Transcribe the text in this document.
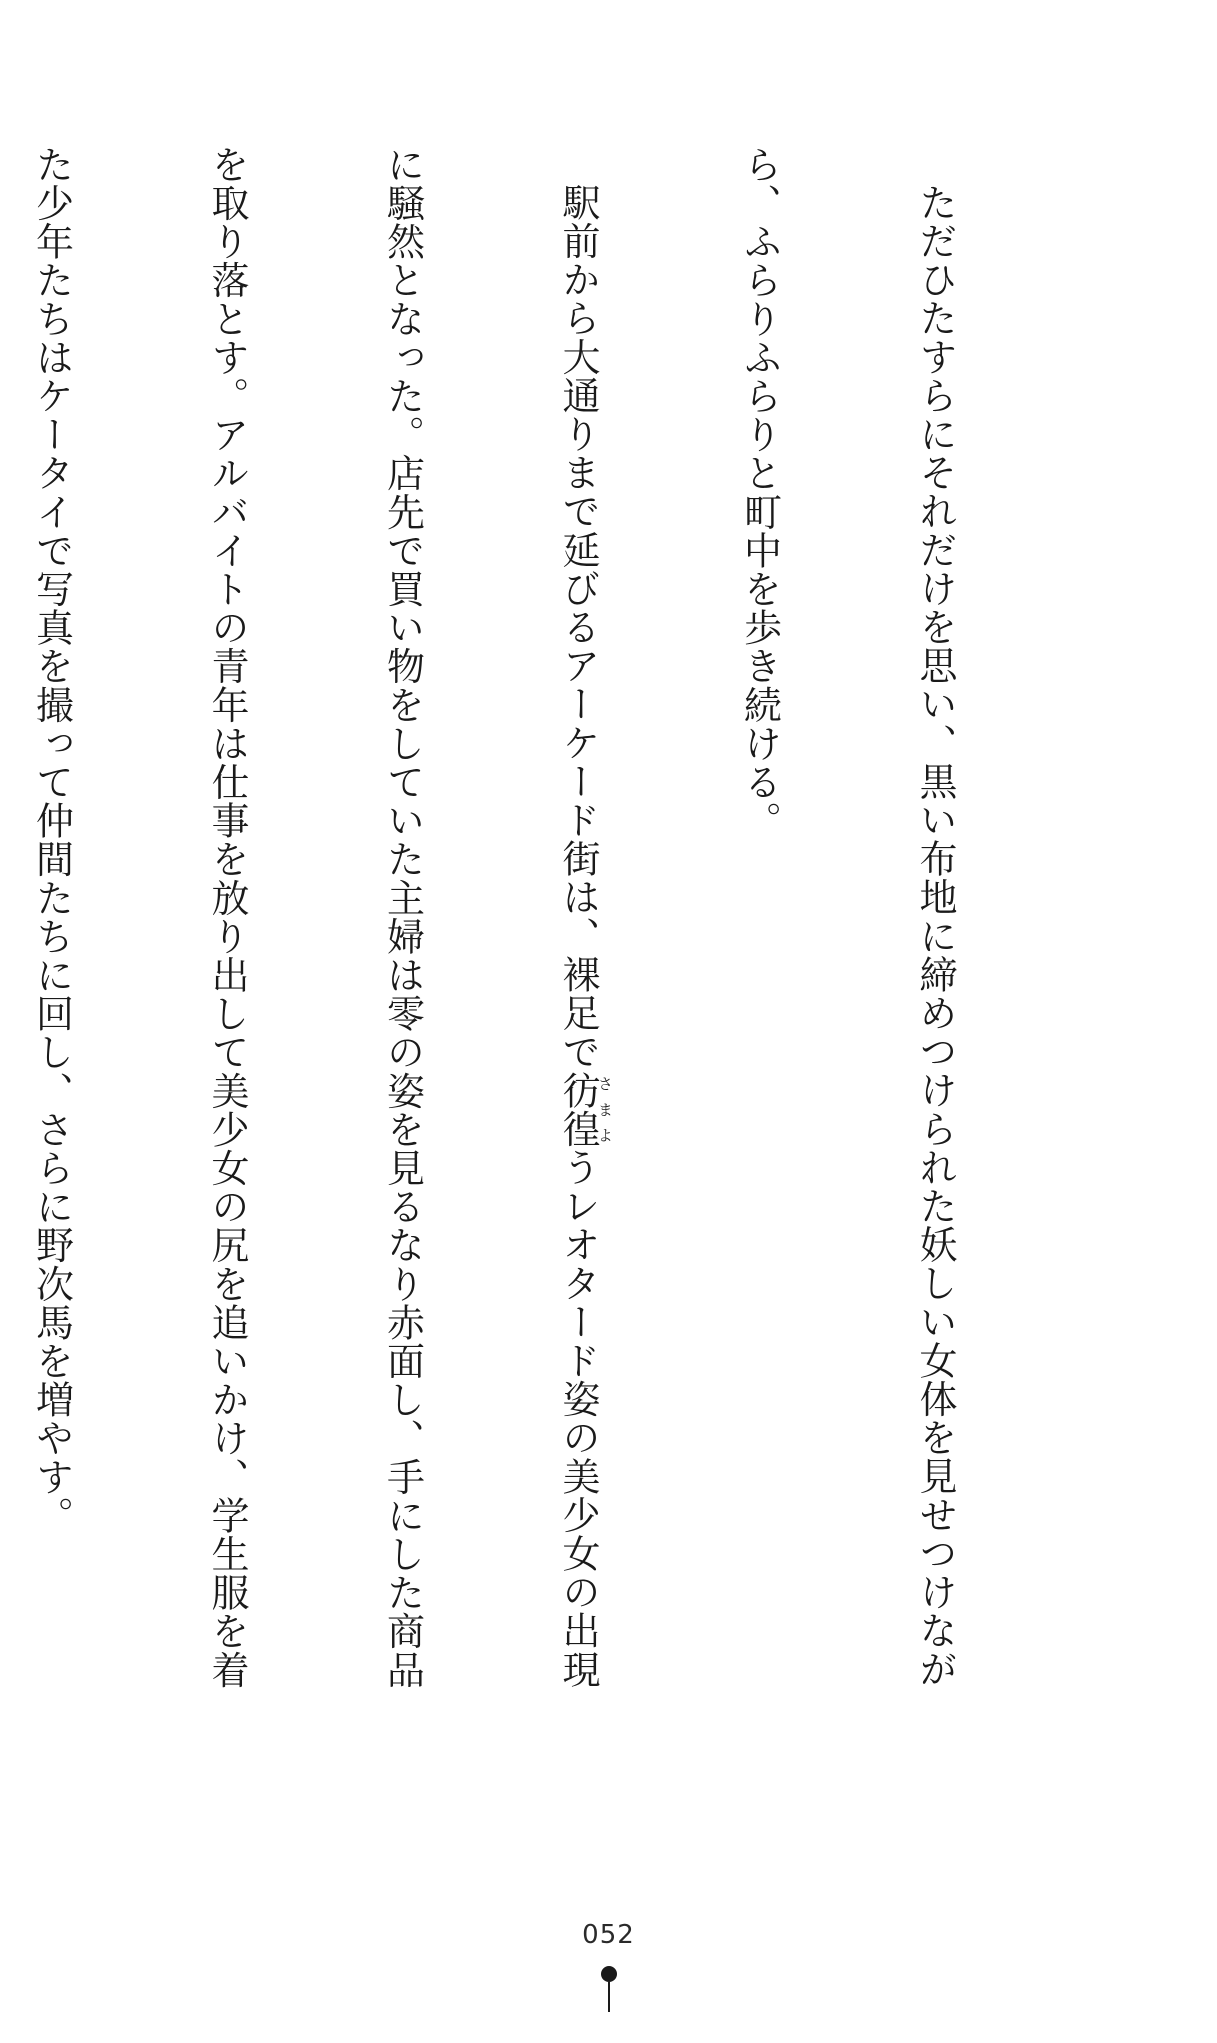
ただひたすらにそれだけを思い、黒い布地に締めつけられた妖しい女体を見せつけなが

ら、ふらりふらりと町中を歩き続ける。

駅前から大通りまで延びるアーケード街は、裸足で彷徨さまようレオタード姿の美少女の出現

に騒然となった。店先で買い物をしていた主婦は零の姿を見るなり赤面し、手にした商品

を取り落とす。アルバイトの青年は仕事を放り出して美少女の尻を追いかけ、学生服を着

た少年たちはケータイで写真を撮って仲間たちに回し、さらに野次馬を増やす。

052
